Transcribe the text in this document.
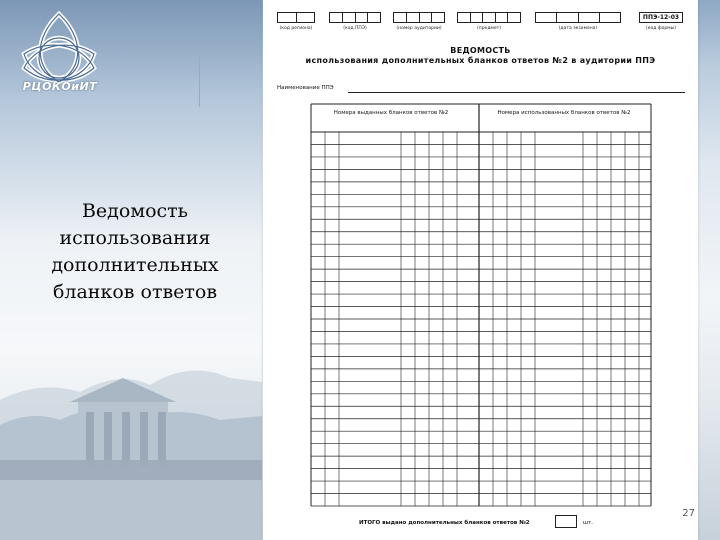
РЦОКОиИТ
Ведомость
использования
дополнительных
бланков ответов
(код региона)	(код ППЭ)	(номер аудитории)	(предмет)	(дата экзамена)
ППЭ-12-03
(код формы)
ВЕДОМОСТЬ
использования дополнительных бланков ответов №2 в аудитории ППЭ
Наименование ППЭ
Номера выданных бланков ответов №2	Номера использованных бланков ответов №2
ИТОГО выдано дополнительных бланков ответов №2	шт.
27
